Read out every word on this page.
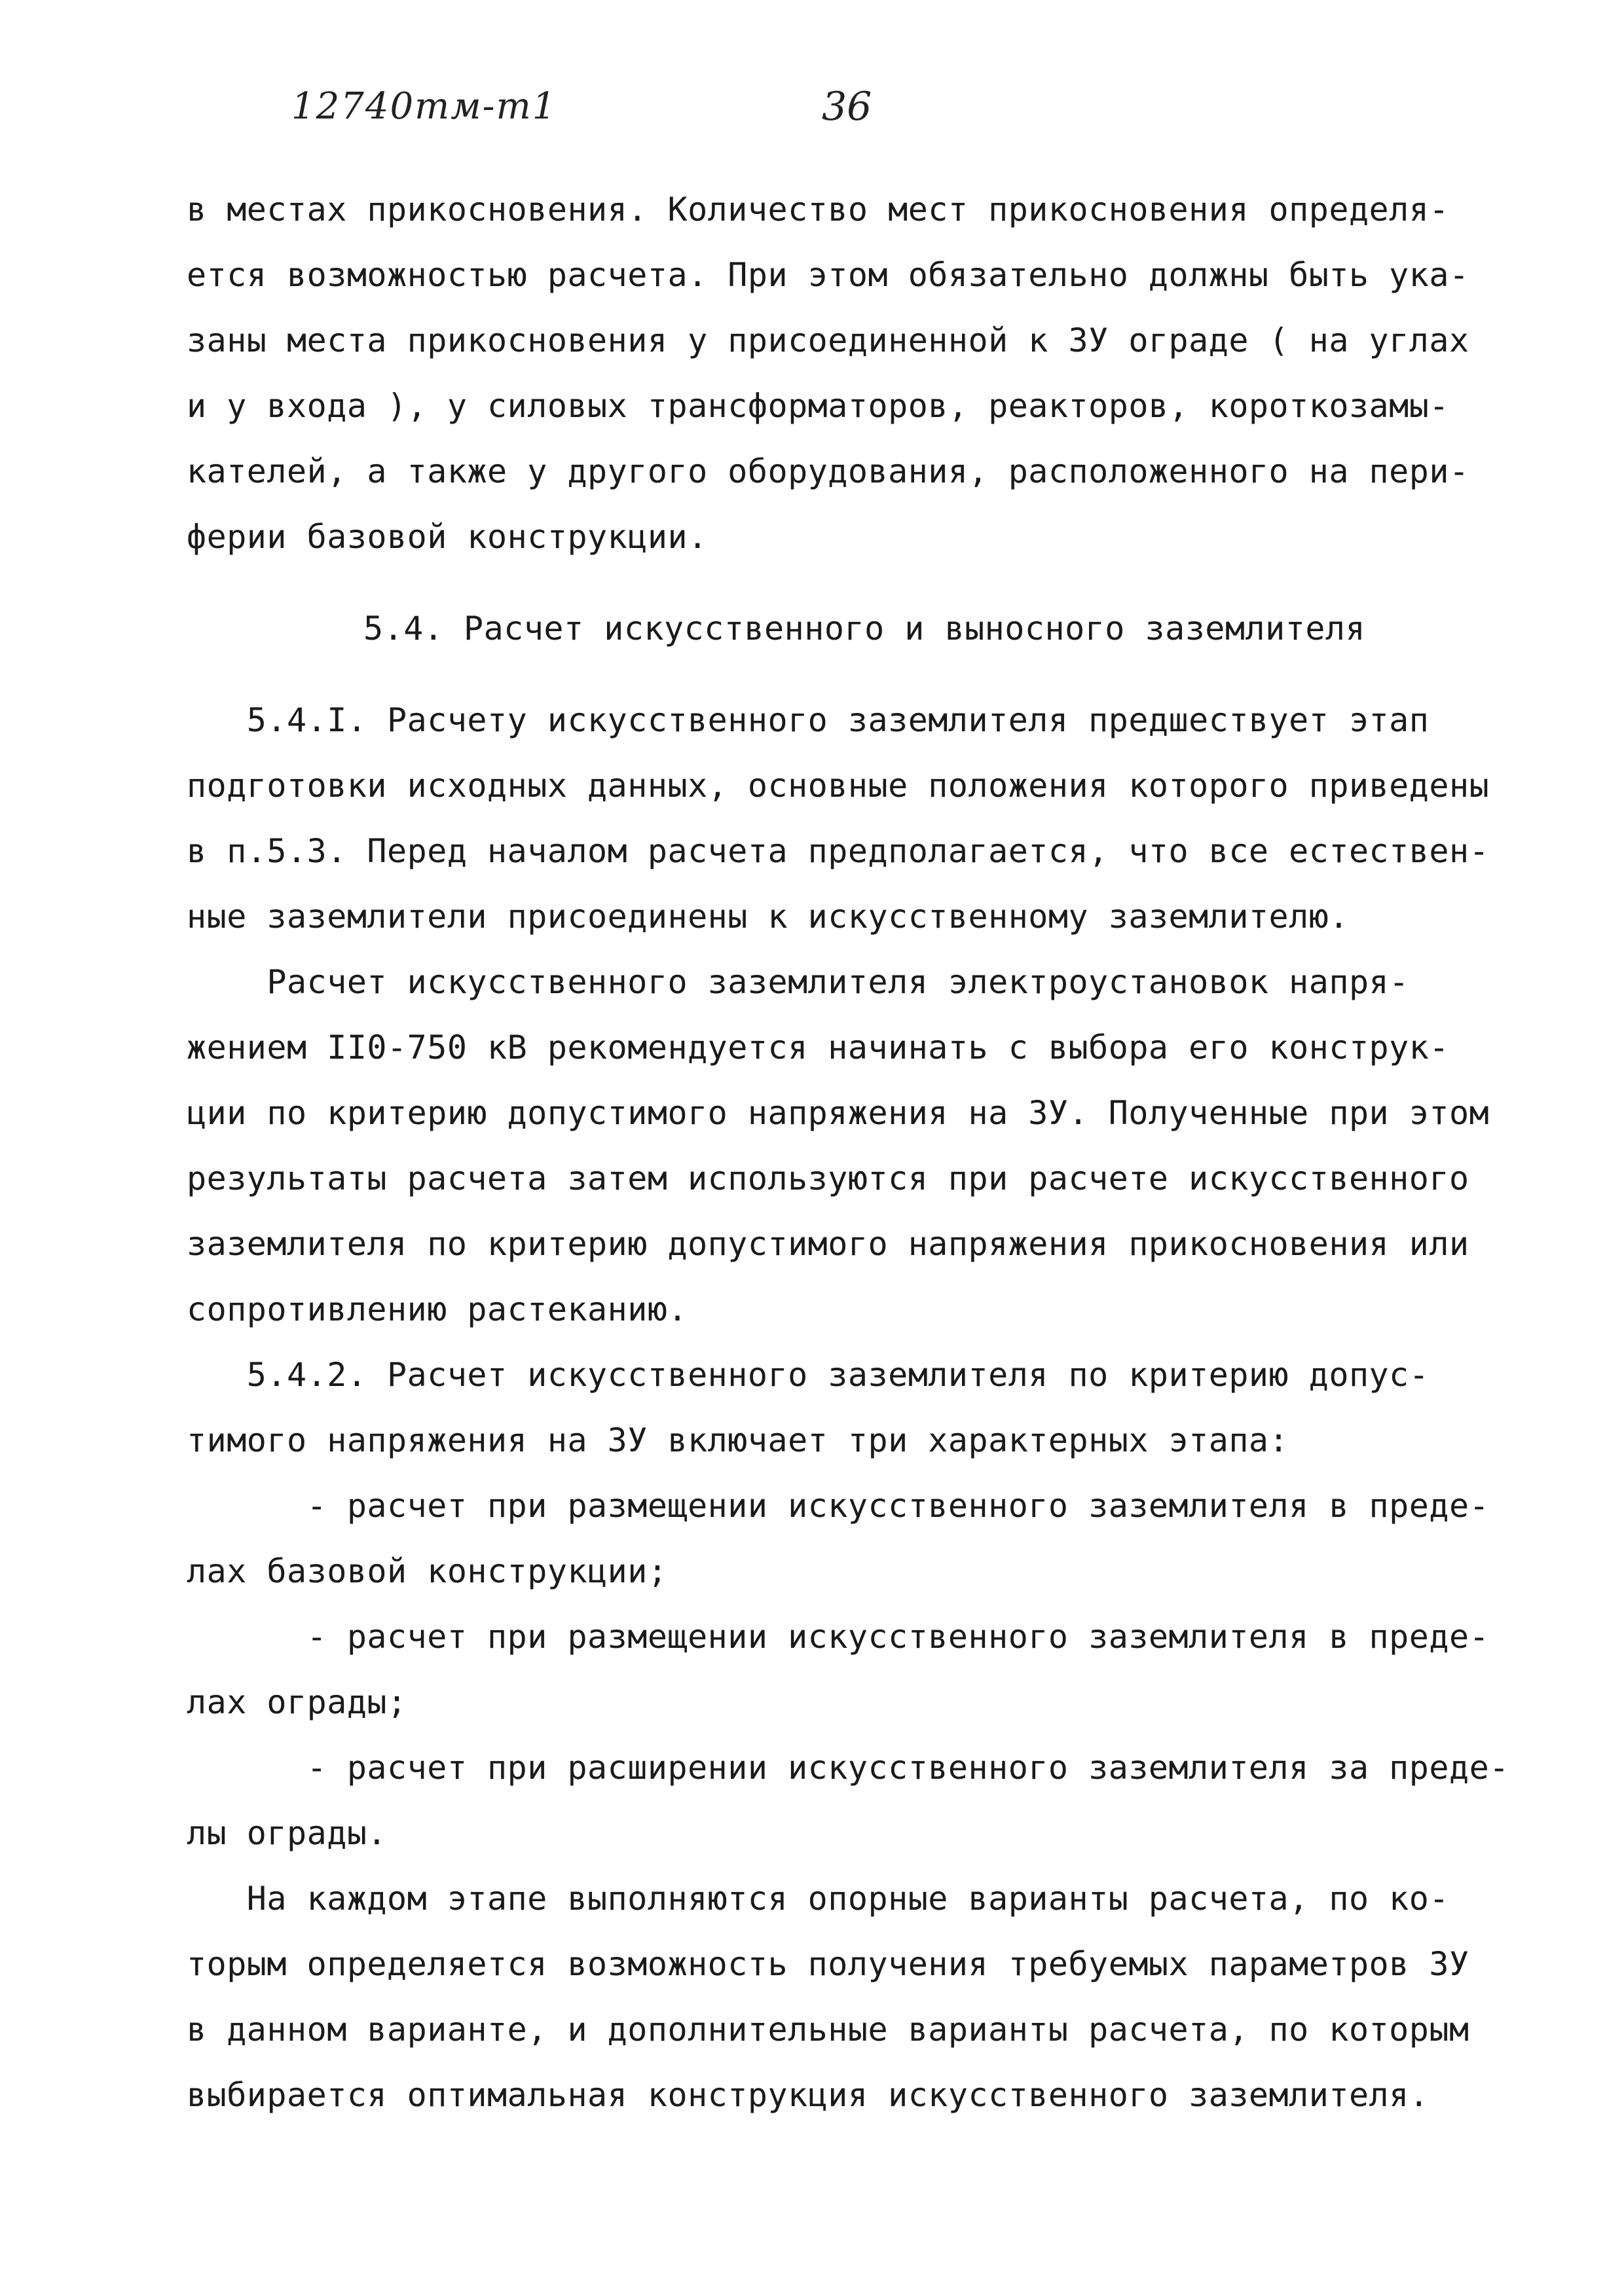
12740тм-т1	36
в местах прикосновения. Количество мест прикосновения определя-
ется возможностью расчета. При этом обязательно должны быть ука-
заны места прикосновения у присоединенной к ЗУ ограде ( на углах
и у входа ), у силовых трансформаторов, реакторов, короткозамы-
кателей, а также у другого оборудования, расположенного на пери-
ферии базовой конструкции.
5.4. Расчет искусственного и выносного заземлителя
5.4.I. Расчету искусственного заземлителя предшествует этап
подготовки исходных данных, основные положения которого приведены
в п.5.3. Перед началом расчета предполагается, что все естествен-
ные заземлители присоединены к искусственному заземлителю.
Расчет искусственного заземлителя электроустановок напря-
жением II0-750 кВ рекомендуется начинать с выбора его конструк-
ции по критерию допустимого напряжения на ЗУ. Полученные при этом
результаты расчета затем используются при расчете искусственного
заземлителя по критерию допустимого напряжения прикосновения или
сопротивлению растеканию.
5.4.2. Расчет искусственного заземлителя по критерию допус-
тимого напряжения на ЗУ включает три характерных этапа:
- расчет при размещении искусственного заземлителя в преде-
лах базовой конструкции;
- расчет при размещении искусственного заземлителя в преде-
лах ограды;
- расчет при расширении искусственного заземлителя за преде-
лы ограды.
На каждом этапе выполняются опорные варианты расчета, по ко-
торым определяется возможность получения требуемых параметров ЗУ
в данном варианте, и дополнительные варианты расчета, по которым
выбирается оптимальная конструкция искусственного заземлителя.
